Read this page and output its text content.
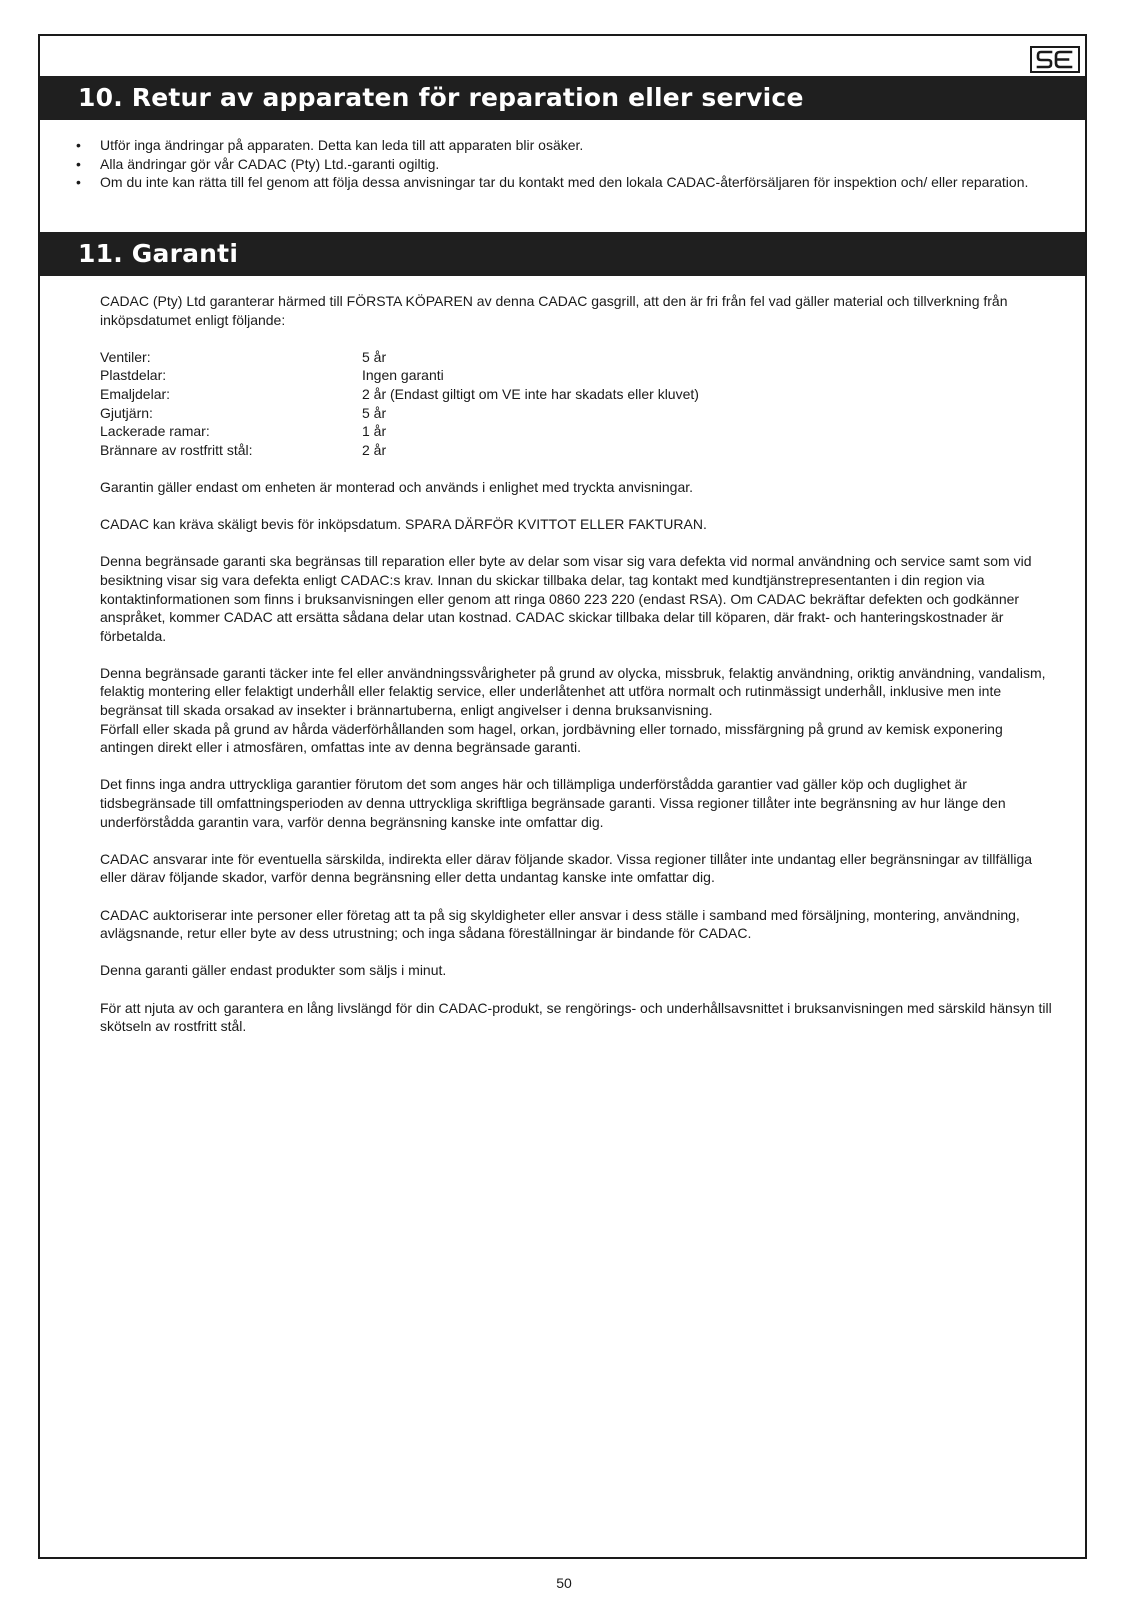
10. Retur av apparaten för reparation eller service
• Utför inga ändringar på apparaten. Detta kan leda till att apparaten blir osäker.
• Alla ändringar gör vår CADAC (Pty) Ltd.-garanti ogiltig.
• Om du inte kan rätta till fel genom att följa dessa anvisningar tar du kontakt med den lokala CADAC-återförsäljaren för inspektion och/ eller reparation.
11. Garanti

CADAC (Pty) Ltd garanterar härmed till FÖRSTA KÖPAREN av denna CADAC gasgrill, att den är fri från fel vad gäller material och tillverkning från inköpsdatumet enligt följande:

Ventiler:	5 år
Plastdelar:	Ingen garanti
Emaljdelar:	2 år (Endast giltigt om VE inte har skadats eller kluvet)
Gjutjärn:	5 år
Lackerade ramar:	1 år
Brännare av rostfritt stål:	2 år

Garantin gäller endast om enheten är monterad och används i enlighet med tryckta anvisningar.

CADAC kan kräva skäligt bevis för inköpsdatum. SPARA DÄRFÖR KVITTOT ELLER FAKTURAN.

Denna begränsade garanti ska begränsas till reparation eller byte av delar som visar sig vara defekta vid normal användning och service samt som vid besiktning visar sig vara defekta enligt CADAC:s krav. Innan du skickar tillbaka delar, tag kontakt med kundtjänstrepresentanten i din region via kontaktinformationen som finns i bruksanvisningen eller genom att ringa 0860 223 220 (endast RSA). Om CADAC bekräftar defekten och godkänner anspråket, kommer CADAC att ersätta sådana delar utan kostnad. CADAC skickar tillbaka delar till köparen, där frakt- och hanteringskostnader är förbetalda.

Denna begränsade garanti täcker inte fel eller användningssvårigheter på grund av olycka, missbruk, felaktig användning, oriktig användning, vandalism, felaktig montering eller felaktigt underhåll eller felaktig service, eller underlåtenhet att utföra normalt och rutinmässigt underhåll, inklusive men inte begränsat till skada orsakad av insekter i brännartuberna, enligt angivelser i denna bruksanvisning.

Förfall eller skada på grund av hårda väderförhållanden som hagel, orkan, jordbävning eller tornado, missfärgning på grund av kemisk exponering antingen direkt eller i atmosfären, omfattas inte av denna begränsade garanti.

Det finns inga andra uttryckliga garantier förutom det som anges här och tillämpliga underförstådda garantier vad gäller köp och duglighet är tidsbegränsade till omfattningsperioden av denna uttryckliga skriftliga begränsade garanti. Vissa regioner tillåter inte begränsning av hur länge den underförstådda garantin vara, varför denna begränsning kanske inte omfattar dig.

CADAC ansvarar inte för eventuella särskilda, indirekta eller därav följande skador. Vissa regioner tillåter inte undantag eller begränsningar av tillfälliga eller därav följande skador, varför denna begränsning eller detta undantag kanske inte omfattar dig.

CADAC auktoriserar inte personer eller företag att ta på sig skyldigheter eller ansvar i dess ställe i samband med försäljning, montering, användning, avlägsnande, retur eller byte av dess utrustning; och inga sådana föreställningar är bindande för CADAC.

Denna garanti gäller endast produkter som säljs i minut.

För att njuta av och garantera en lång livslängd för din CADAC-produkt, se rengörings- och underhållsavsnittet i bruksanvisningen med särskild hänsyn till skötseln av rostfritt stål.

50
